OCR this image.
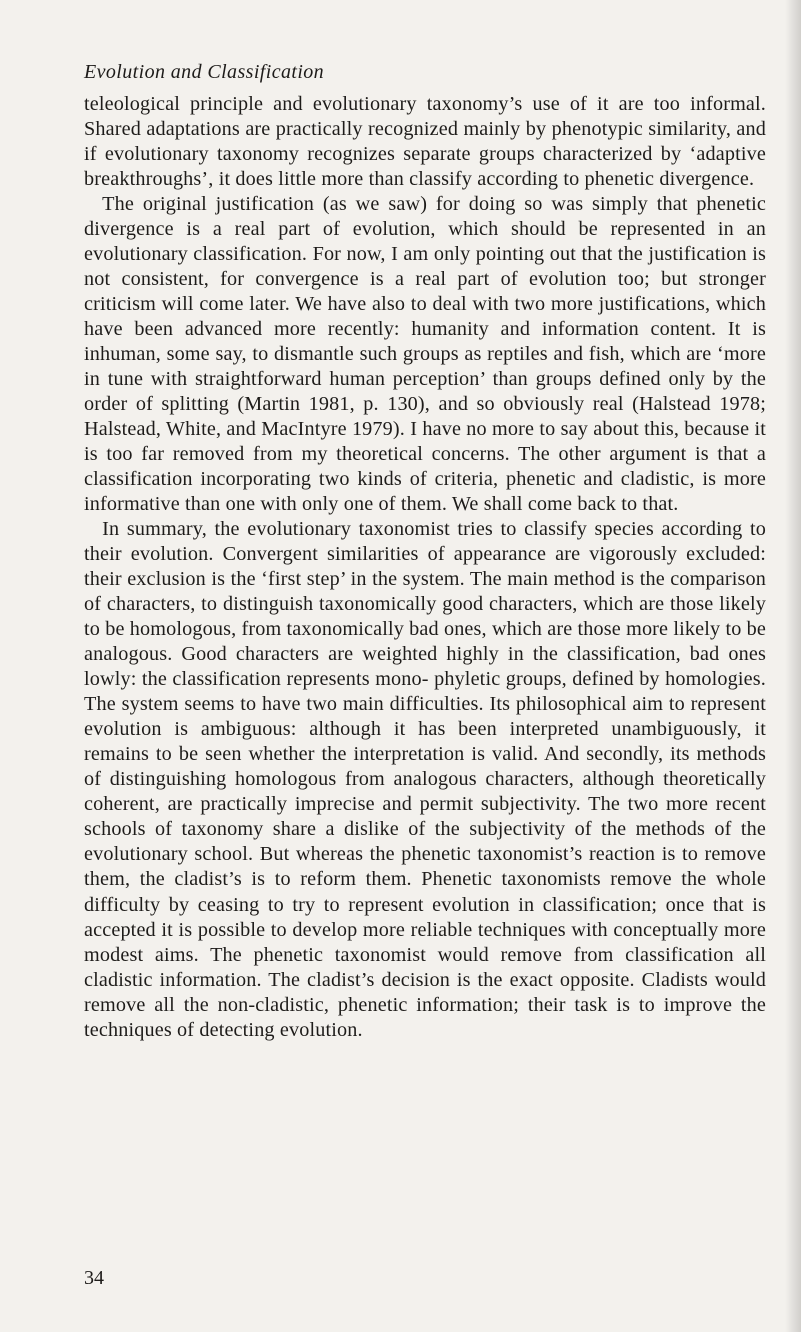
Evolution and Classification

teleological principle and evolutionary taxonomy’s use of it are too informal. Shared adaptations are practically recognized mainly by phenotypic similarity, and if evolutionary taxonomy recognizes separate groups characterized by ‘adaptive breakthroughs’, it does little more than classify according to phenetic divergence.

The original justification (as we saw) for doing so was simply that phenetic divergence is a real part of evolution, which should be represented in an evolutionary classification. For now, I am only pointing out that the justification is not consistent, for convergence is a real part of evolution too; but stronger criticism will come later. We have also to deal with two more justifications, which have been advanced more recently: humanity and information content. It is inhuman, some say, to dismantle such groups as reptiles and fish, which are ‘more in tune with straightforward human perception’ than groups defined only by the order of splitting (Martin 1981, p. 130), and so obviously real (Halstead 1978; Halstead, White, and MacIntyre 1979). I have no more to say about this, because it is too far removed from my theoretical concerns. The other argument is that a classification incorporating two kinds of criteria, phenetic and cladistic, is more informative than one with only one of them. We shall come back to that.

In summary, the evolutionary taxonomist tries to classify species according to their evolution. Convergent similarities of appearance are vigorously excluded: their exclusion is the ‘first step’ in the system. The main method is the comparison of characters, to distinguish taxonomically good characters, which are those likely to be homologous, from taxonomically bad ones, which are those more likely to be analogous. Good characters are weighted highly in the classification, bad ones lowly: the classification represents mono- phyletic groups, defined by homologies. The system seems to have two main difficulties. Its philosophical aim to represent evolution is ambiguous: although it has been interpreted unambiguously, it remains to be seen whether the interpretation is valid. And secondly, its methods of distinguishing homologous from analogous characters, although theoretically coherent, are practically imprecise and permit subjectivity. The two more recent schools of taxonomy share a dislike of the subjectivity of the methods of the evolutionary school. But whereas the phenetic taxonomist’s reaction is to remove them, the cladist’s is to reform them. Phenetic taxonomists remove the whole difficulty by ceasing to try to represent evolution in classification; once that is accepted it is possible to develop more reliable techniques with conceptually more modest aims. The phenetic taxonomist would remove from classification all cladistic information. The cladist’s decision is the exact opposite. Cladists would remove all the non-cladistic, phenetic information; their task is to improve the techniques of detecting evolution.

34
